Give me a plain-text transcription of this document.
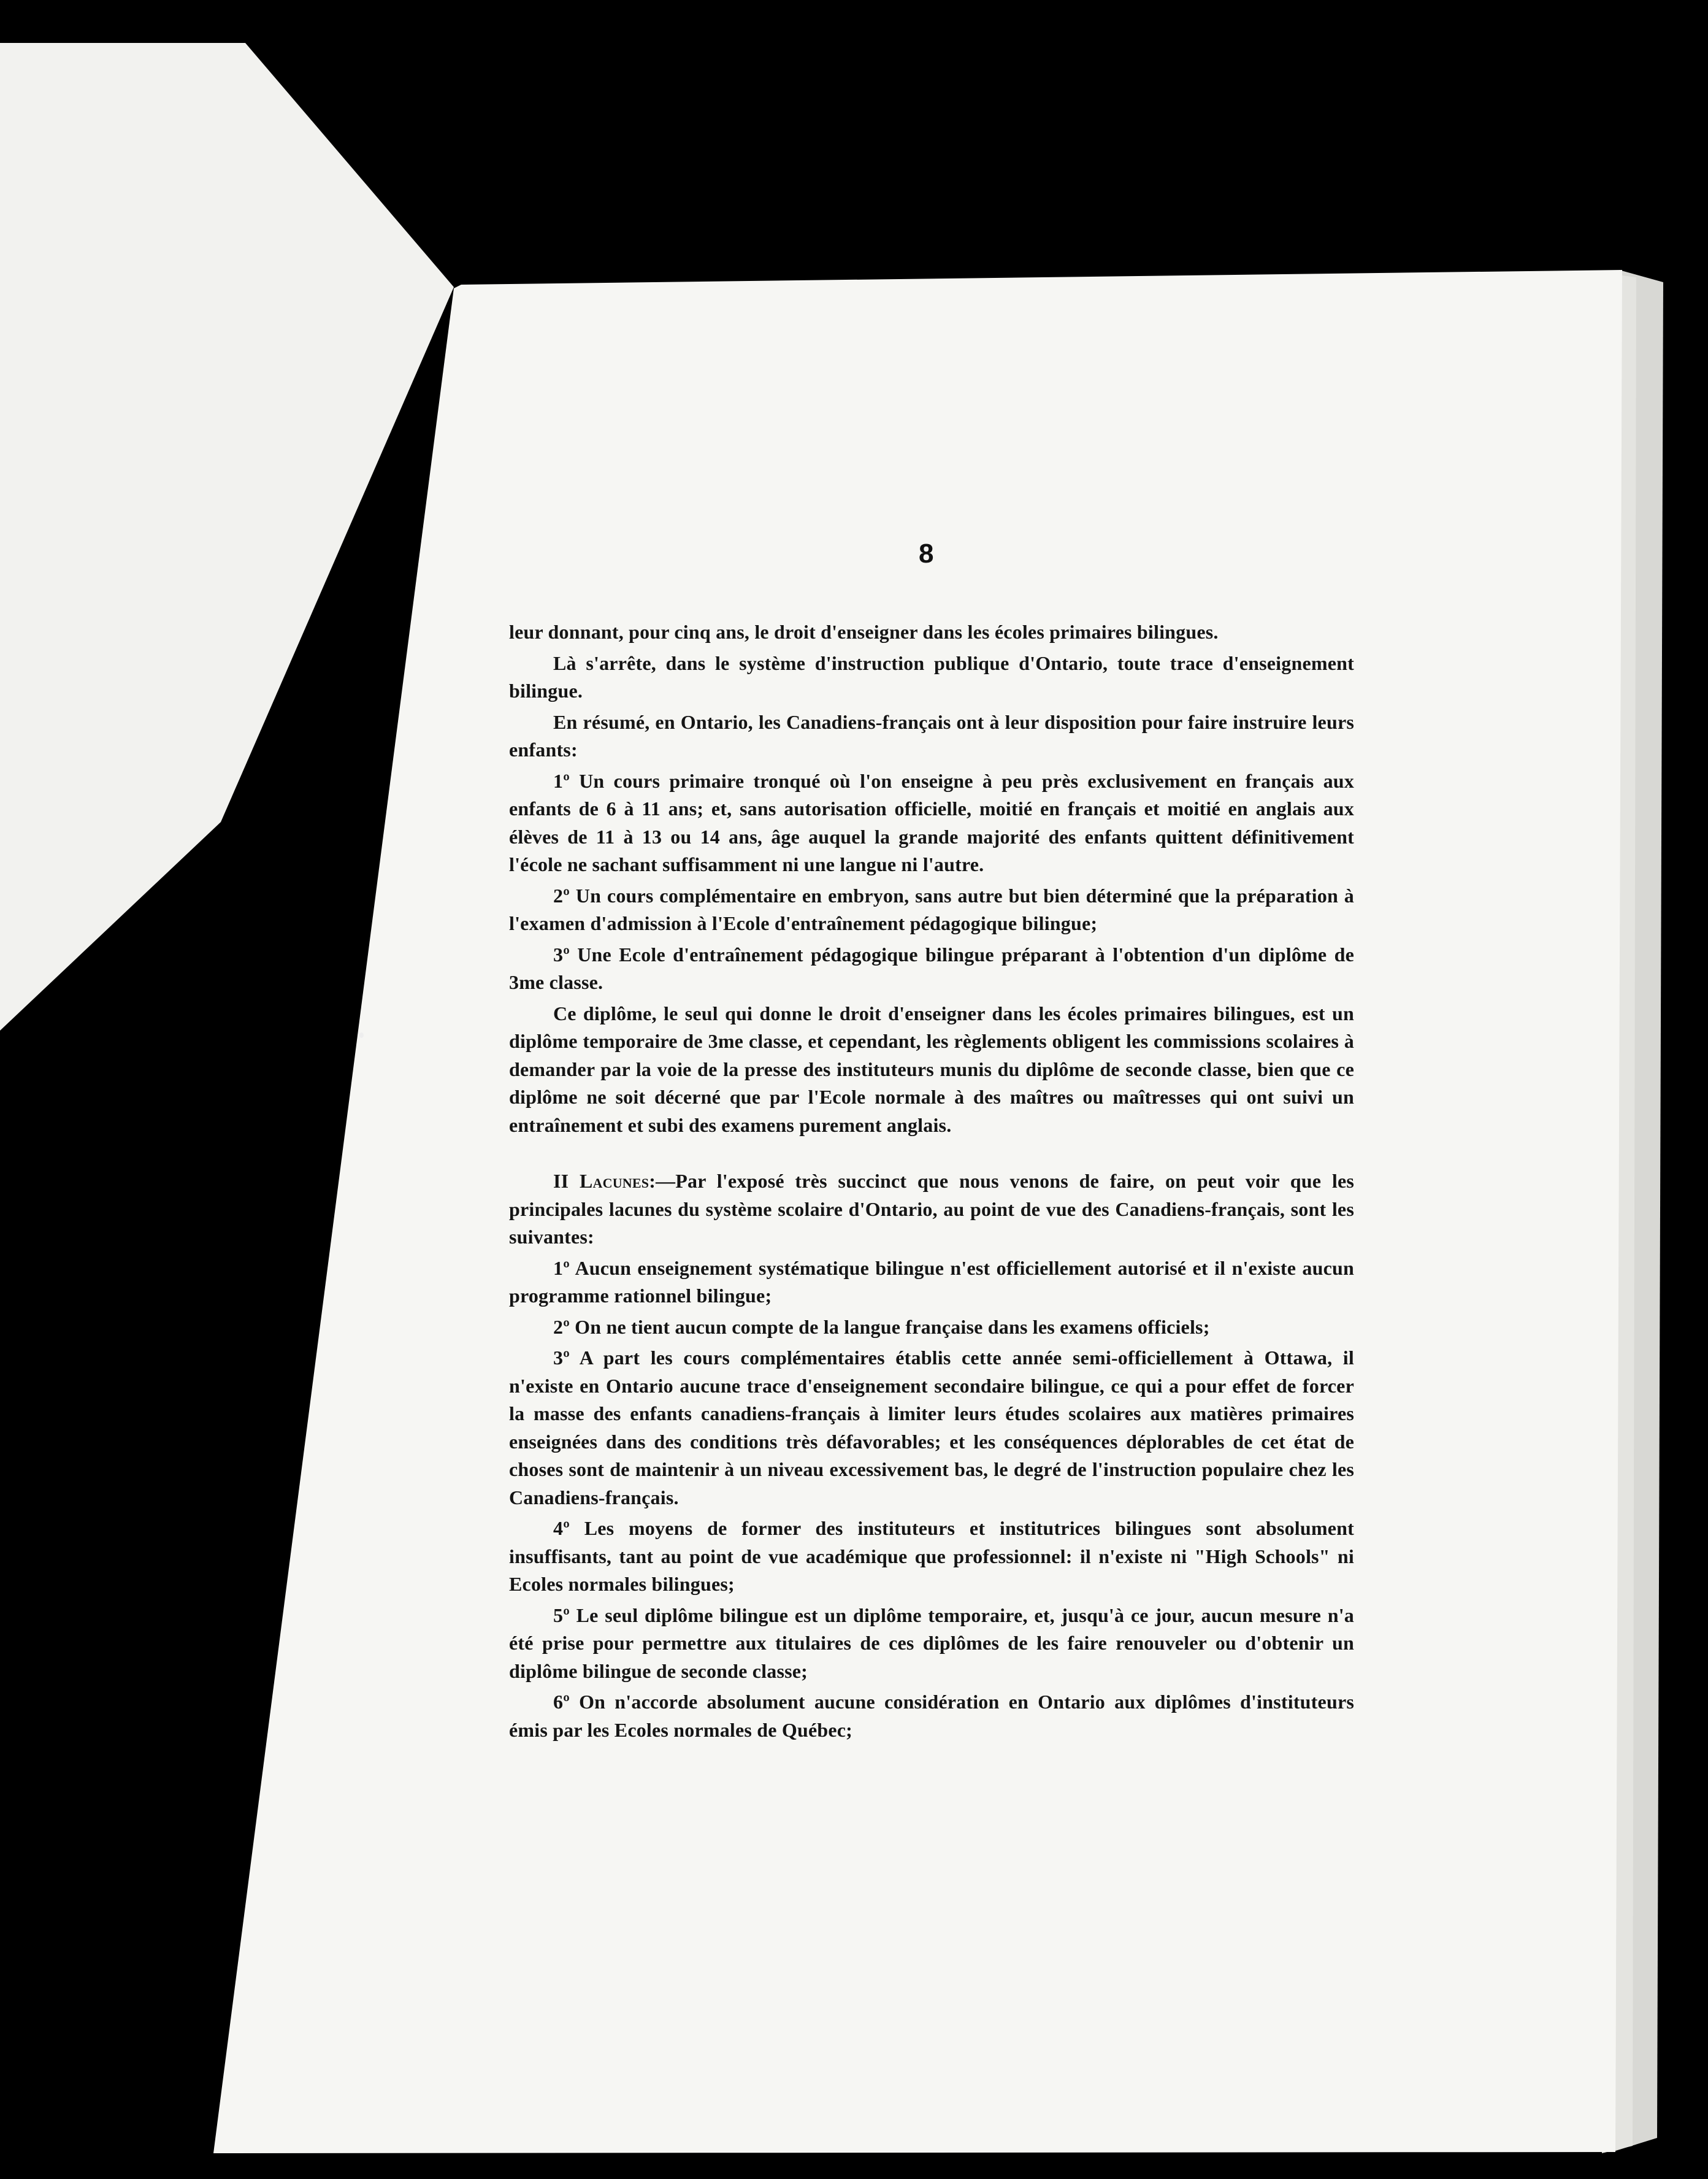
8

leur donnant, pour cinq ans, le droit d'enseigner dans les écoles primaires bilingues.

Là s'arrête, dans le système d'instruction publique d'Ontario, toute trace d'enseignement bilingue.

En résumé, en Ontario, les Canadiens-français ont à leur disposition pour faire instruire leurs enfants:

1º Un cours primaire tronqué où l'on enseigne à peu près exclusivement en français aux enfants de 6 à 11 ans; et, sans autorisation officielle, moitié en français et moitié en anglais aux élèves de 11 à 13 ou 14 ans, âge auquel la grande majorité des enfants quittent définitivement l'école ne sachant suffisamment ni une langue ni l'autre.

2º Un cours complémentaire en embryon, sans autre but bien déterminé que la préparation à l'examen d'admission à l'Ecole d'entraînement pédagogique bilingue;

3º Une Ecole d'entraînement pédagogique bilingue préparant à l'obtention d'un diplôme de 3me classe.

Ce diplôme, le seul qui donne le droit d'enseigner dans les écoles primaires bilingues, est un diplôme temporaire de 3me classe, et cependant, les règlements obligent les commissions scolaires à demander par la voie de la presse des instituteurs munis du diplôme de seconde classe, bien que ce diplôme ne soit décerné que par l'Ecole normale à des maîtres ou maîtresses qui ont suivi un entraînement et subi des examens purement anglais.

II Lacunes:—Par l'exposé très succinct que nous venons de faire, on peut voir que les principales lacunes du système scolaire d'Ontario, au point de vue des Canadiens-français, sont les suivantes:

1º Aucun enseignement systématique bilingue n'est officiellement autorisé et il n'existe aucun programme rationnel bilingue;

2º On ne tient aucun compte de la langue française dans les examens officiels;

3º A part les cours complémentaires établis cette année semi-officiellement à Ottawa, il n'existe en Ontario aucune trace d'enseignement secondaire bilingue, ce qui a pour effet de forcer la masse des enfants canadiens-français à limiter leurs études scolaires aux matières primaires enseignées dans des conditions très défavorables; et les conséquences déplorables de cet état de choses sont de maintenir à un niveau excessivement bas, le degré de l'instruction populaire chez les Canadiens-français.

4º Les moyens de former des instituteurs et institutrices bilingues sont absolument insuffisants, tant au point de vue académique que professionnel: il n'existe ni "High Schools" ni Ecoles normales bilingues;

5º Le seul diplôme bilingue est un diplôme temporaire, et, jusqu'à ce jour, aucun mesure n'a été prise pour permettre aux titulaires de ces diplômes de les faire renouveler ou d'obtenir un diplôme bilingue de seconde classe;

6º On n'accorde absolument aucune considération en Ontario aux diplômes d'instituteurs émis par les Ecoles normales de Québec;
